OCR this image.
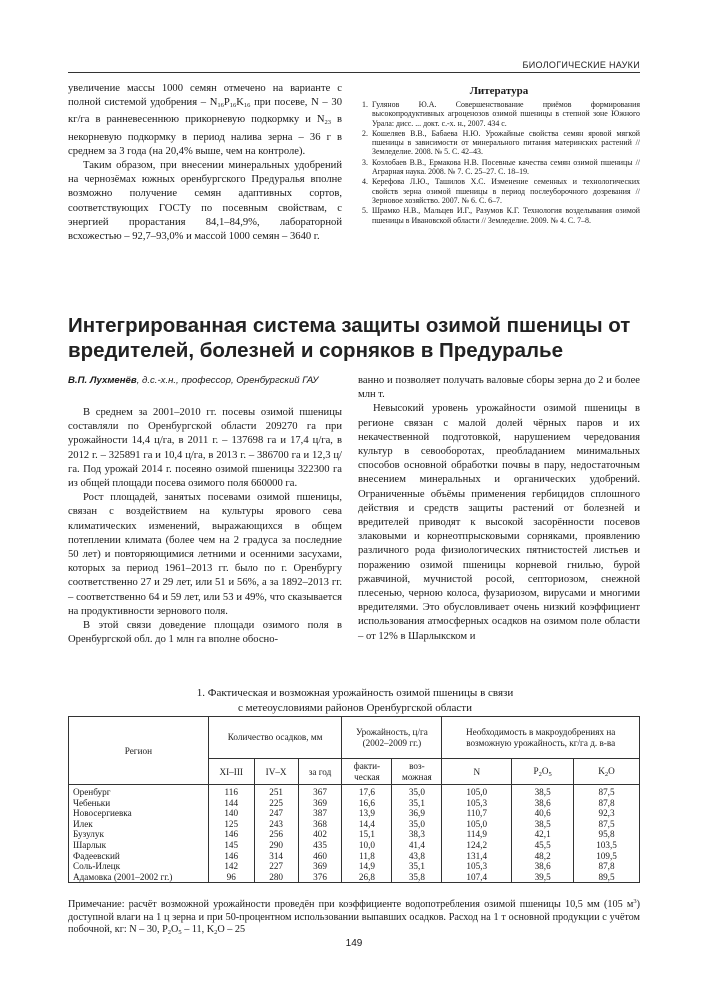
БИОЛОГИЧЕСКИЕ НАУКИ

увеличение массы 1000 семян отмечено на варианте с полной системой удобрения – $N_{16}P_{16}K_{16}$ при посеве, N – 30 кг/га в ранневесеннюю прикорневую подкормку и $N_{23}$ в некорневую подкормку в период налива зерна – 36 г в среднем за 3 года (на 20,4% выше, чем на контроле).

Таким образом, при внесении минеральных удобрений на чернозёмах южных оренбургского Предуралья вполне возможно получение семян адаптивных сортов, соответствующих ГОСТу по посевным свойствам, с энергией прорастания 84,1–84,9%, лабораторной всхожестью – 92,7–93,0% и массой 1000 семян – 3640 г.

Литература
1. Гулянов Ю.А. Совершенствование приёмов формирования высокопродуктивных агроценозов озимой пшеницы в степной зоне Южного Урала: дисс. ... докт. с.-х. н., 2007. 434 с.
2. Кошеляев В.В., Бабаева Н.Ю. Урожайные свойства семян яровой мягкой пшеницы в зависимости от минерального питания материнских растений // Земледелие. 2008. № 5. С. 42–43.
3. Козлобаев В.В., Ермакова Н.В. Посевные качества семян озимой пшеницы // Аграрная наука. 2008. № 7. С. 25–27. С. 18–19.
4. Керефова Л.Ю., Ташилов Х.С. Изменение семенных и технологических свойств зерна озимой пшеницы в период послеуборочного дозревания // Зерновое хозяйство. 2007. № 6. С. 6–7.
5. Шрамко Н.В., Мальцев И.Г., Разумов К.Г. Технология возделывания озимой пшеницы в Ивановской области // Земледелие. 2009. № 4. С. 7–8.
Интегрированная система защиты озимой пшеницы от вредителей, болезней и сорняков в Предуралье
В.П. Лухменёв, д.с.-х.н., профессор, Оренбургский ГАУ

В среднем за 2001–2010 гг. посевы озимой пшеницы составляли по Оренбургской области 209270 га при урожайности 14,4 ц/га, в 2011 г. – 137698 га и 17,4 ц/га, в 2012 г. – 325891 га и 10,4 ц/га, в 2013 г. – 386700 га и 12,3 ц/га. Под урожай 2014 г. посеяно озимой пшеницы 322300 га из общей площади посева озимого поля 660000 га.

Рост площадей, занятых посевами озимой пшеницы, связан с воздействием на культуры ярового сева климатических изменений, выражающихся в общем потеплении климата (более чем на 2 градуса за последние 50 лет) и повторяющимися летними и осенними засухами, которых за период 1961–2013 гг. было по г. Оренбургу соответственно 27 и 29 лет, или 51 и 56%, а за 1892–2013 гг. – соответственно 64 и 59 лет, или 53 и 49%, что сказывается на продуктивности зернового поля.

В этой связи доведение площади озимого поля в Оренбургской обл. до 1 млн га вполне обосно-

ванно и позволяет получать валовые сборы зерна до 2 и более млн т.

Невысокий уровень урожайности озимой пшеницы в регионе связан с малой долей чёрных паров и их некачественной подготовкой, нарушением чередования культур в севооборотах, преобладанием минимальных способов основной обработки почвы в пару, недостаточным внесением минеральных и органических удобрений. Ограниченные объёмы применения гербицидов сплошного действия и средств защиты растений от болезней и вредителей приводят к высокой засорённости посевов злаковыми и корнеотпрысковыми сорняками, проявлению различного рода физиологических пятнистостей листьев и поражению озимой пшеницы корневой гнилью, бурой ржавчиной, мучнистой росой, септориозом, снежной плесенью, черною колоса, фузариозом, вирусами и многими вредителями. Это обусловливает очень низкий коэффициент использования атмосферных осадков на озимом поле области – от 12% в Шарлыкском и

1. Фактическая и возможная урожайность озимой пшеницы в связи
с метеоусловиями районов Оренбургской области
Регион	Количество осадков, мм			Урожайность, ц/га (2002–2009 гг.)		Необходимость в макроудобрениях на возможную урожайность, кг/га д. в-ва		
	XI–III	IV–X	за год	факти-ческая	воз-можная	N	$P_2O_5$	$K_2O$
Оренбург	116	251	367	17,6	35,0	105,0	38,5	87,5
Чебеньки	144	225	369	16,6	35,1	105,3	38,6	87,8
Новосергиевка	140	247	387	13,9	36,9	110,7	40,6	92,3
Илек	125	243	368	14,4	35,0	105,0	38,5	87,5
Бузулук	146	256	402	15,1	38,3	114,9	42,1	95,8
Шарлык	145	290	435	10,0	41,4	124,2	45,5	103,5
Фадеевский	146	314	460	11,8	43,8	131,4	48,2	109,5
Соль-Илецк	142	227	369	14,9	35,1	105,3	38,6	87,8
Адамовка (2001–2002 гг.)	96	280	376	26,8	35,8	107,4	39,5	89,5
Примечание: расчёт возможной урожайности проведён при коэффициенте водопотребления озимой пшеницы 10,5 мм (105 $м^3$) доступной влаги на 1 ц зерна и при 50-процентном использовании выпавших осадков. Расход на 1 т основной продукции с учётом побочной, кг: N – 30, $P_2O_5 - 11$, $K_2O - 25$
149
